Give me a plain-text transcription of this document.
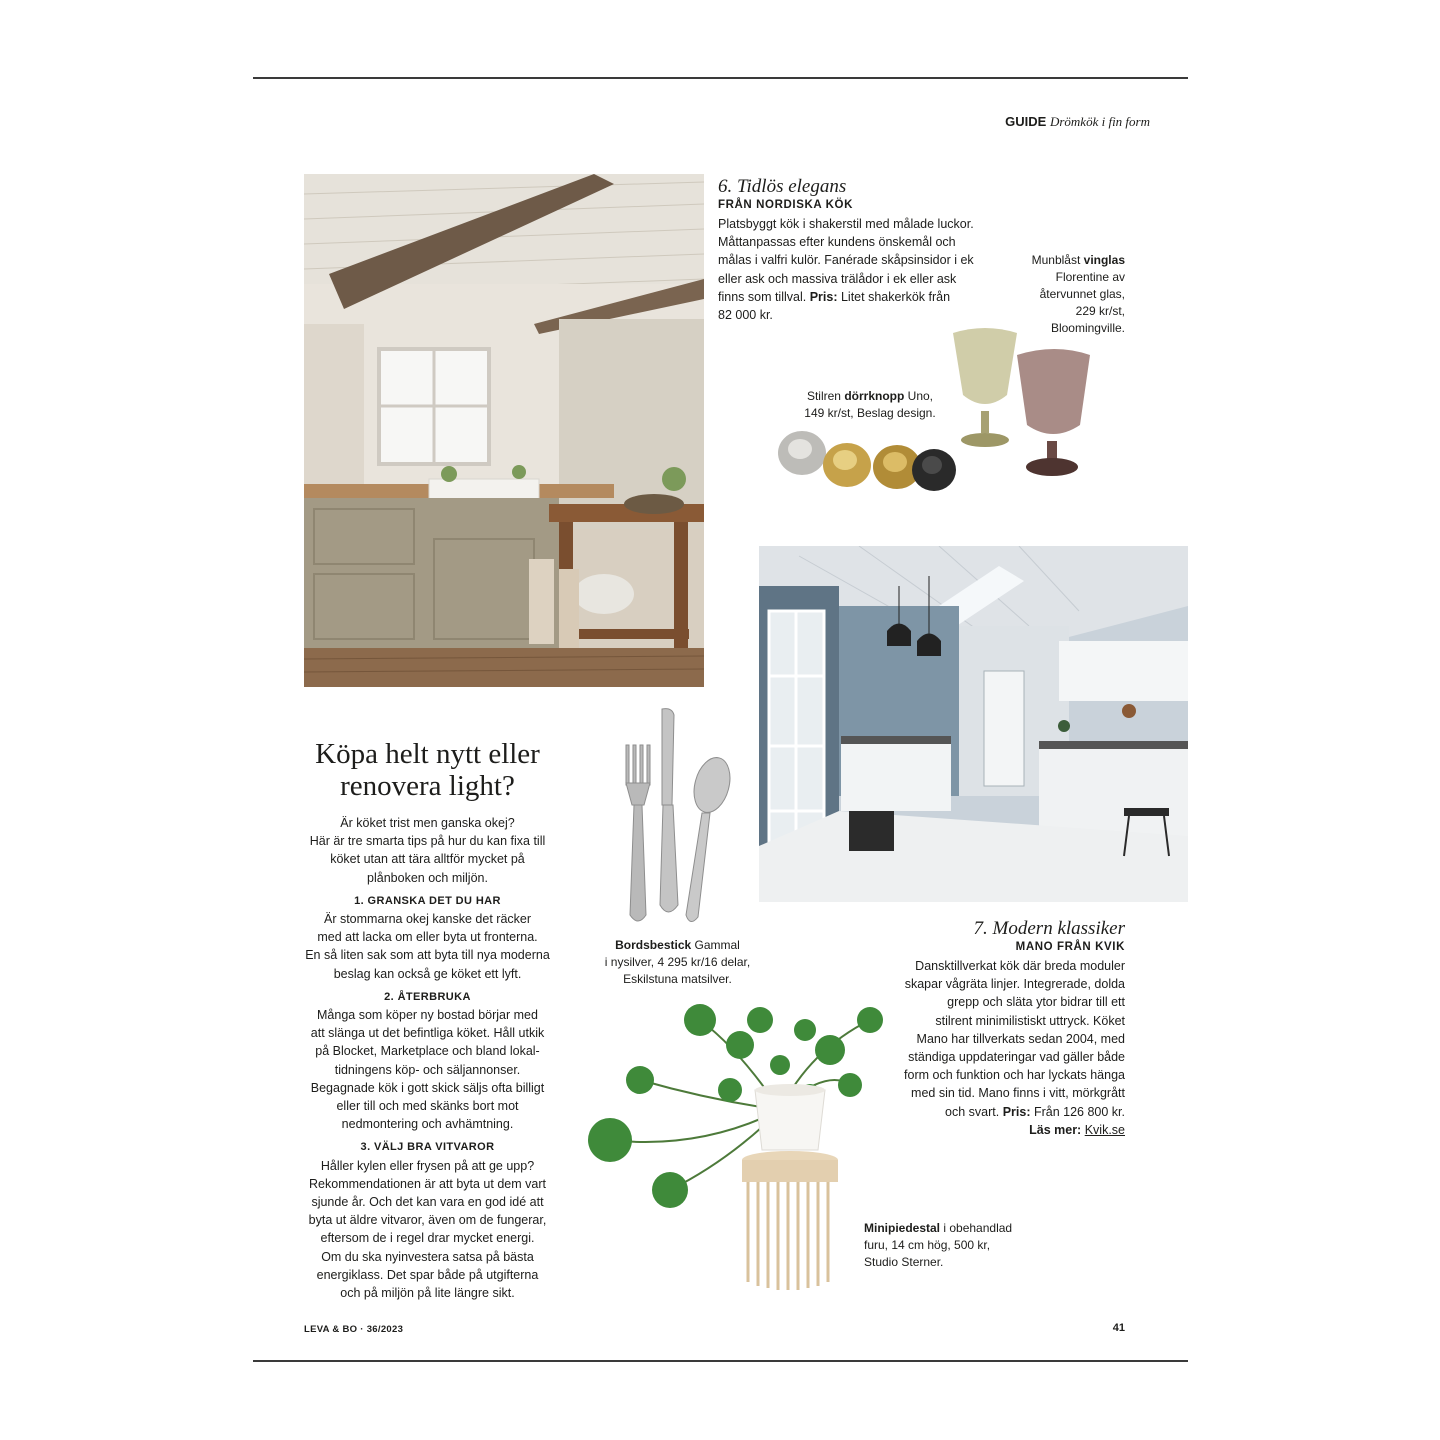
GUIDE Drömkök i fin form
6. Tidlös elegans
FRÅN NORDISKA KÖK
Platsbyggt kök i shakerstil med målade luckor.
Måttanpassas efter kundens önskemål och
målas i valfri kulör. Fanérade skåpsinsidor i ek
eller ask och massiva trälådor i ek eller ask
finns som tillval. Pris: Litet shakerkök från
82 000 kr.
Munblåst vinglas
Florentine av
återvunnet glas,
229 kr/st,
Bloomingville.
Stilren dörrknopp Uno,
149 kr/st, Beslag design.
Köpa helt nytt eller
renovera light?
Är köket trist men ganska okej?
Här är tre smarta tips på hur du kan fixa till
köket utan att tära alltför mycket på
plånboken och miljön.
1. GRANSKA DET DU HAR
Är stommarna okej kanske det räcker
med att lacka om eller byta ut fronterna.
En så liten sak som att byta till nya moderna
beslag kan också ge köket ett lyft.
2. ÅTERBRUKA
Många som köper ny bostad börjar med
att slänga ut det befintliga köket. Håll utkik
på Blocket, Marketplace och bland lokal-
tidningens köp- och säljannonser.
Begagnade kök i gott skick säljs ofta billigt
eller till och med skänks bort mot
nedmontering och avhämtning.
3. VÄLJ BRA VITVAROR
Håller kylen eller frysen på att ge upp?
Rekommendationen är att byta ut dem vart
sjunde år. Och det kan vara en god idé att
byta ut äldre vitvaror, även om de fungerar,
eftersom de i regel drar mycket energi.
Om du ska nyinvestera satsa på bästa
energiklass. Det spar både på utgifterna
och på miljön på lite längre sikt.
Bordsbestick Gammal
i nysilver, 4 295 kr/16 delar,
Eskilstuna matsilver.
7. Modern klassiker
MANO FRÅN KVIK
Dansktillverkat kök där breda moduler
skapar vågräta linjer. Integrerade, dolda
grepp och släta ytor bidrar till ett
stilrent minimilistiskt uttryck. Köket
Mano har tillverkats sedan 2004, med
ständiga uppdateringar vad gäller både
form och funktion och har lyckats hänga
med sin tid. Mano finns i vitt, mörkgrått
och svart. Pris: Från 126 800 kr.
Läs mer: Kvik.se
Minipiedestal i obehandlad
furu, 14 cm hög, 500 kr,
Studio Sterner.
LEVA & BO · 36/2023	41
